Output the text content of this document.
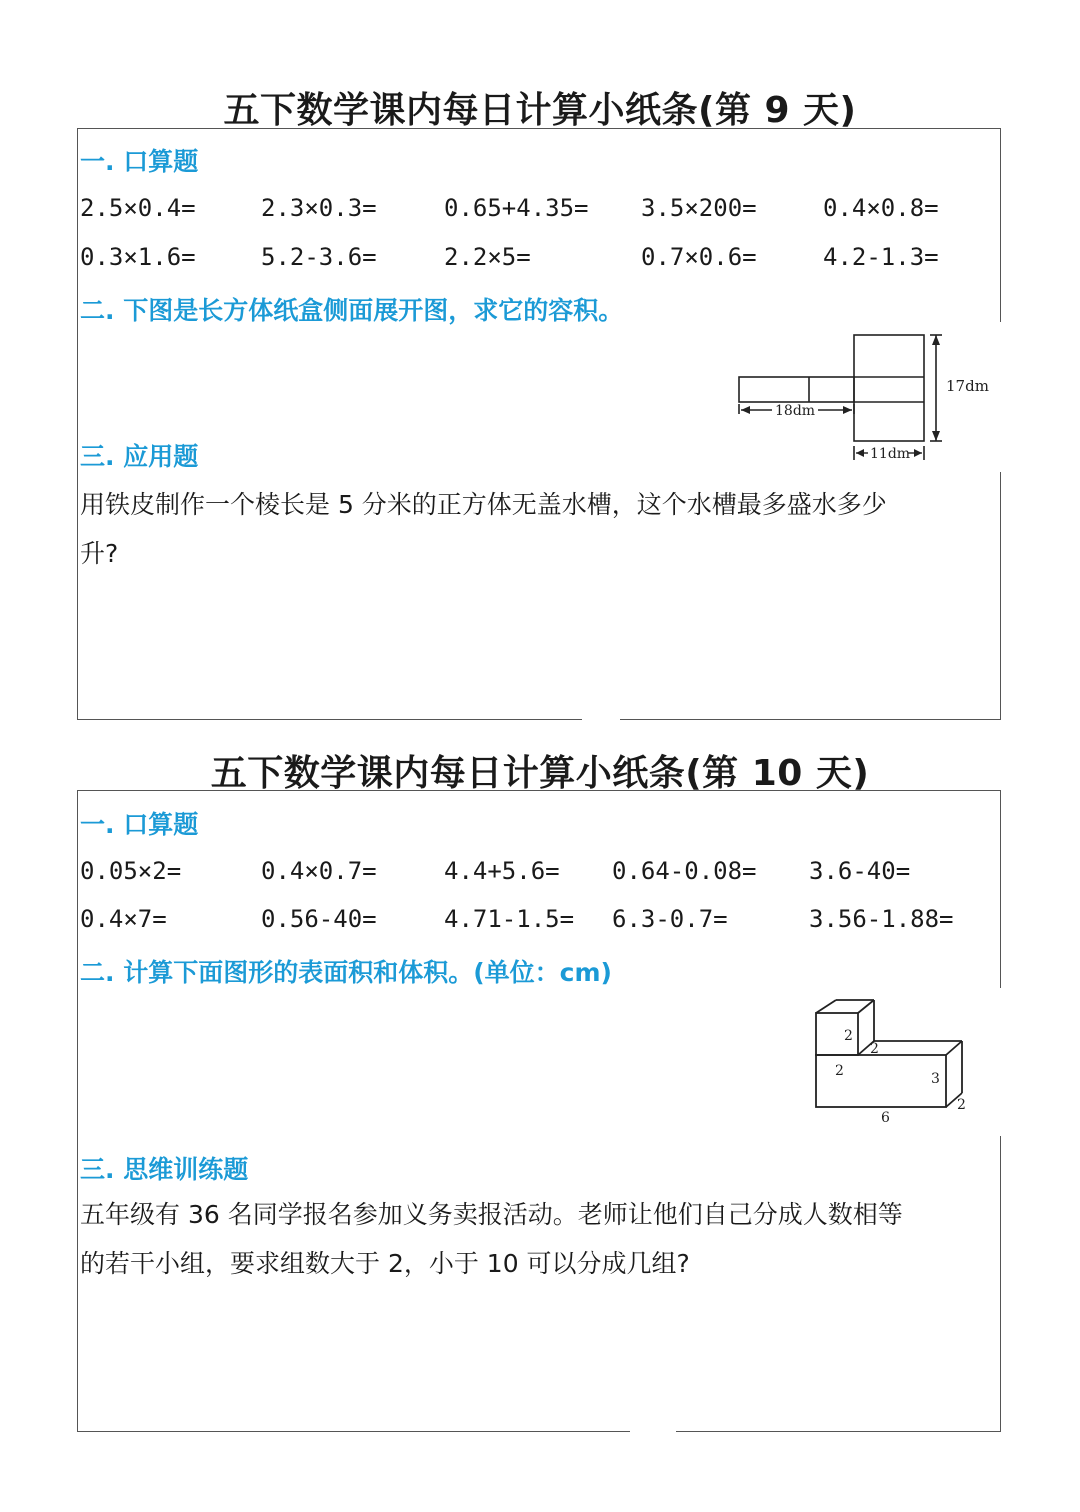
五下数学课内每日计算小纸条(第 9 天)
一. 口算题
2.5×0.4=	2.3×0.3=	0.65+4.35= 3.5×200=	0.4×0.8=
0.3×1.6=	5.2-3.6=	2.2×5=	0.7×0.6=	4.2-1.3=
二. 下图是长方体纸盒侧面展开图，求它的容积。
17dm
18dm
11dm
三. 应用题
用铁皮制作一个棱长是 5 分米的正方体无盖水槽，这个水槽最多盛水多少
升?
五下数学课内每日计算小纸条(第 10 天)
一. 口算题
0.05×2=	0.4×0.7=	4.4+5.6= 0.64-0.08= 3.6-40=
0.4×7=	0.56-40=	4.71-1.5= 6.3-0.7=	3.56-1.88=
二. 计算下面图形的表面积和体积。(单位：cm)
2
2
2	3
6
2
三. 思维训练题
五年级有 36 名同学报名参加义务卖报活动。老师让他们自己分成人数相等
的若干小组，要求组数大于 2，小于 10 可以分成几组?
